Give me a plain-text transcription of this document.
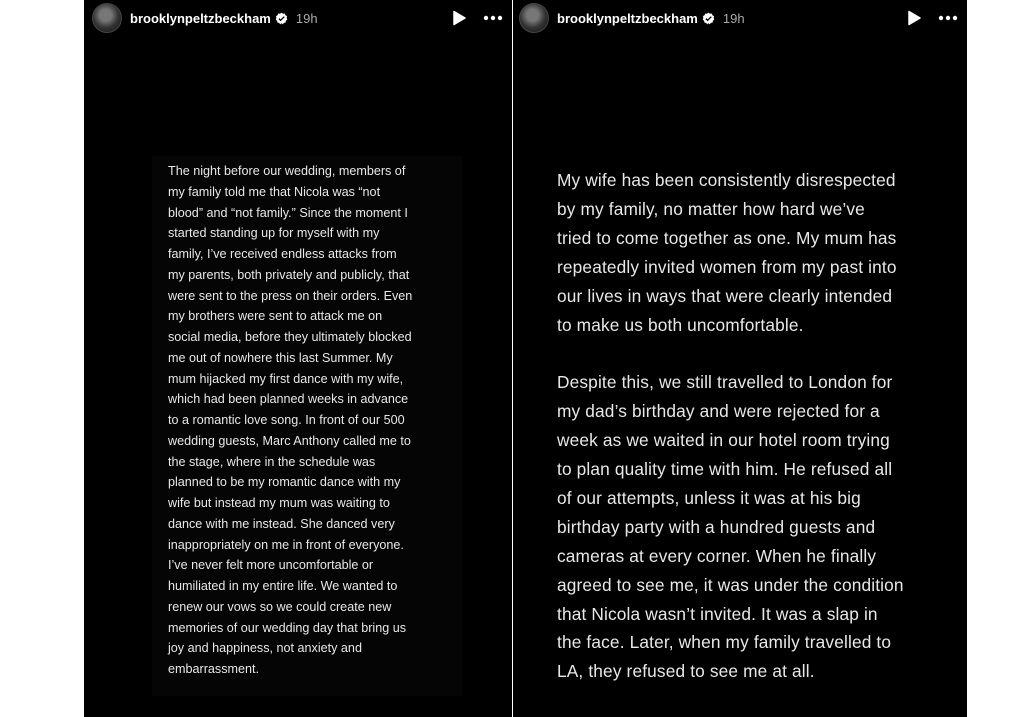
brooklynpeltzbeckham 19h

The night before our wedding, members of
my family told me that Nicola was “not
blood” and “not family.” Since the moment I
started standing up for myself with my
family, I’ve received endless attacks from
my parents, both privately and publicly, that
were sent to the press on their orders. Even
my brothers were sent to attack me on
social media, before they ultimately blocked
me out of nowhere this last Summer. My
mum hijacked my first dance with my wife,
which had been planned weeks in advance
to a romantic love song. In front of our 500
wedding guests, Marc Anthony called me to
the stage, where in the schedule was
planned to be my romantic dance with my
wife but instead my mum was waiting to
dance with me instead. She danced very
inappropriately on me in front of everyone.
I’ve never felt more uncomfortable or
humiliated in my entire life. We wanted to
renew our vows so we could create new
memories of our wedding day that bring us
joy and happiness, not anxiety and
embarrassment.

brooklynpeltzbeckham 19h

My wife has been consistently disrespected
by my family, no matter how hard we’ve
tried to come together as one. My mum has
repeatedly invited women from my past into
our lives in ways that were clearly intended
to make us both uncomfortable.

Despite this, we still travelled to London for
my dad’s birthday and were rejected for a
week as we waited in our hotel room trying
to plan quality time with him. He refused all
of our attempts, unless it was at his big
birthday party with a hundred guests and
cameras at every corner. When he finally
agreed to see me, it was under the condition
that Nicola wasn’t invited. It was a slap in
the face. Later, when my family travelled to
LA, they refused to see me at all.
